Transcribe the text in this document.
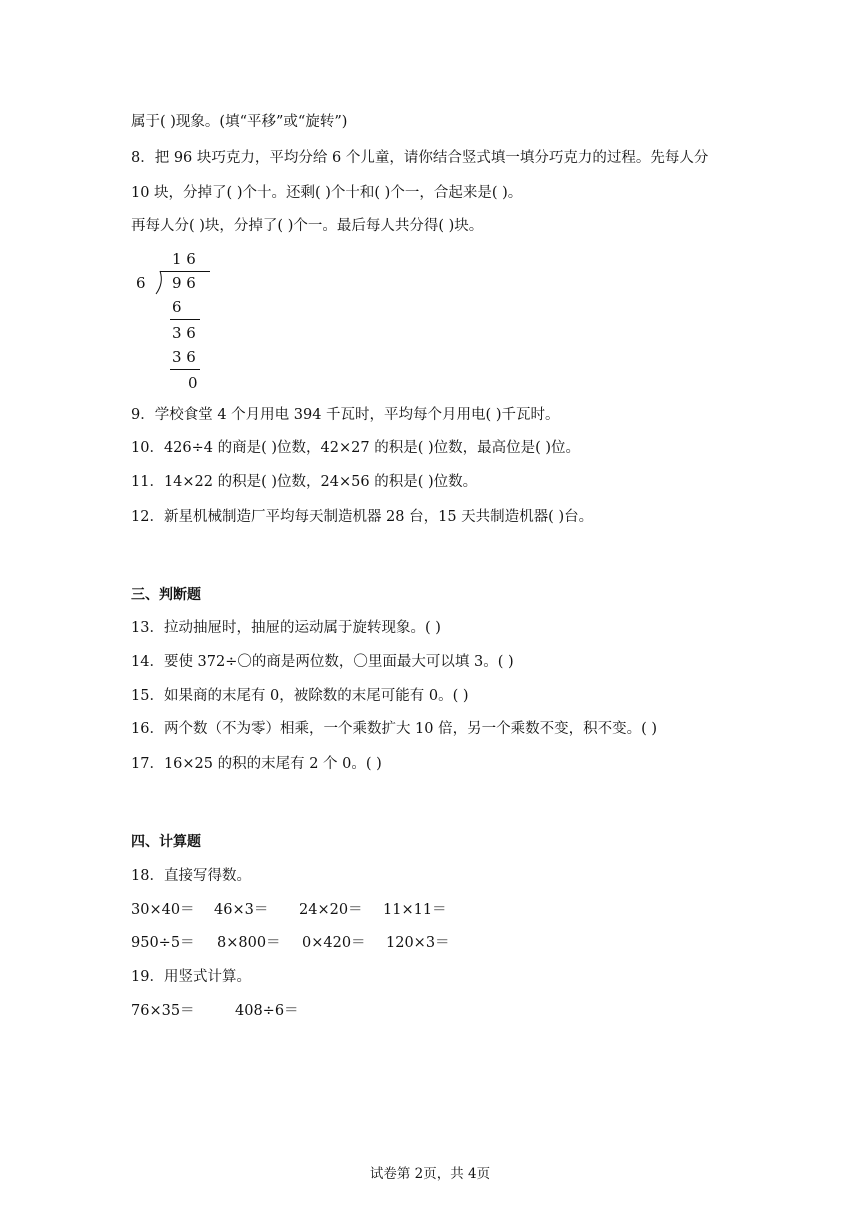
属于( )现象。(填“平移”或“旋转”)
8．把 96 块巧克力，平均分给 6 个儿童，请你结合竖式填一填分巧克力的过程。先每人分
10 块，分掉了( )个十。还剩( )个十和( )个一，合起来是( )。
再每人分( )块，分掉了( )个一。最后每人共分得( )块。
1 6
6 9 6
6
3 6
3 6
0
9．学校食堂 4 个月用电 394 千瓦时，平均每个月用电( )千瓦时。
10．426÷4 的商是( )位数，42×27 的积是( )位数，最高位是( )位。
11．14×22 的积是( )位数，24×56 的积是( )位数。
12．新星机械制造厂平均每天制造机器 28 台，15 天共制造机器( )台。
三、判断题
13．拉动抽屉时，抽屉的运动属于旋转现象。( )
14．要使 372÷〇的商是两位数，〇里面最大可以填 3。( )
15．如果商的末尾有 0，被除数的末尾可能有 0。( )
16．两个数（不为零）相乘，一个乘数扩大 10 倍，另一个乘数不变，积不变。( )
17．16×25 的积的末尾有 2 个 0。( )
四、计算题
18．直接写得数。
30×40＝ 46×3＝ 24×20＝ 11×11＝
950÷5＝ 8×800＝ 0×420＝ 120×3＝
19．用竖式计算。
76×35＝	408÷6＝
试卷第 2页，共 4页
